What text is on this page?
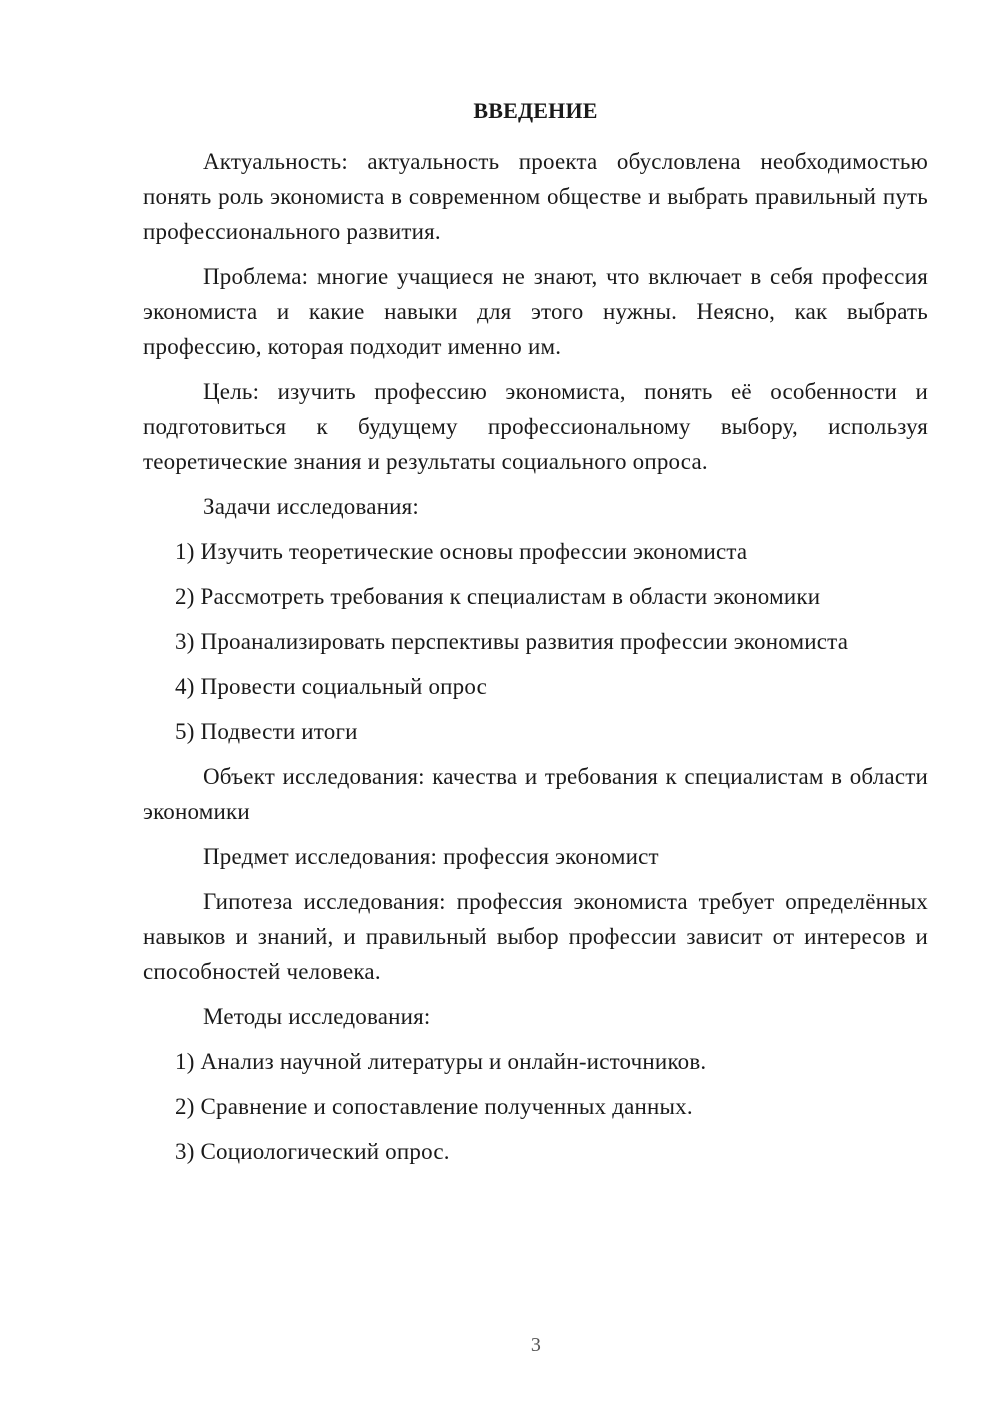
ВВЕДЕНИЕ

Актуальность: актуальность проекта обусловлена необходимостью понять роль экономиста в современном обществе и выбрать правильный путь профессионального развития.

Проблема: многие учащиеся не знают, что включает в себя профессия экономиста и какие навыки для этого нужны. Неясно, как выбрать профессию, которая подходит именно им.

Цель: изучить профессию экономиста, понять её особенности и подготовиться к будущему профессиональному выбору, используя теоретические знания и результаты социального опроса.

Задачи исследования:

1) Изучить теоретические основы профессии экономиста
2) Рассмотреть требования к специалистам в области экономики
3) Проанализировать перспективы развития профессии экономиста
4) Провести социальный опрос
5) Подвести итоги

Объект исследования: качества и требования к специалистам в области экономики

Предмет исследования: профессия экономист

Гипотеза исследования: профессия экономиста требует определённых навыков и знаний, и правильный выбор профессии зависит от интересов и способностей человека.

Методы исследования:

1) Анализ научной литературы и онлайн-источников.
2) Сравнение и сопоставление полученных данных.
3) Социологический опрос.
3
